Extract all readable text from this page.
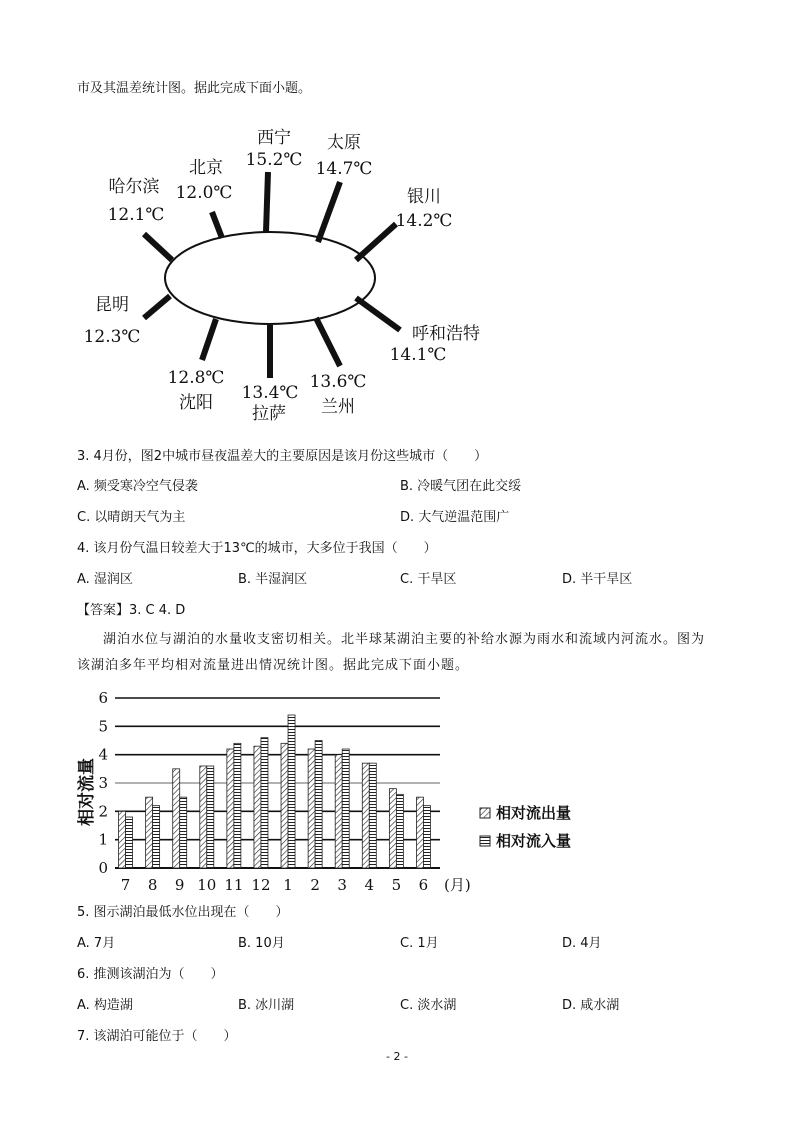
市及其温差统计图。据此完成下面小题。
西宁
15.2℃
太原
14.7℃
银川
14.2℃
呼和浩特
14.1℃
13.6℃
兰州
13.4℃
12.8℃
沈阳
昆明
12.3℃
哈尔滨
12.1℃
北京
12.0℃
拉萨
3. 4月份，图2中城市昼夜温差大的主要原因是该月份这些城市（　　）
A. 频受寒冷空气侵袭	B. 冷暖气团在此交绥
C. 以晴朗天气为主	D. 大气逆温范围广
4. 该月份气温日较差大于13℃的城市，大多位于我国（　　）
A. 湿润区	B. 半湿润区	C. 干旱区	D. 半干旱区
【答案】3. C 4. D
湖泊水位与湖泊的水量收支密切相关。北半球某湖泊主要的补给水源为雨水和流域内河流水。图为该湖泊多年平均相对流量进出情况统计图。据此完成下面小题。
0
1
2
3
4
5
6
7 8 9 10 11 12 1 2 3 4 5 6 (月)
相对流量	相对流出量
相对流入量
5. 图示湖泊最低水位出现在（　　）
A. 7月	B. 10月	C. 1月	D. 4月
6. 推测该湖泊为（　　）
A. 构造湖	B. 冰川湖	C. 淡水湖	D. 咸水湖
7. 该湖泊可能位于（　　）
- 2 -
